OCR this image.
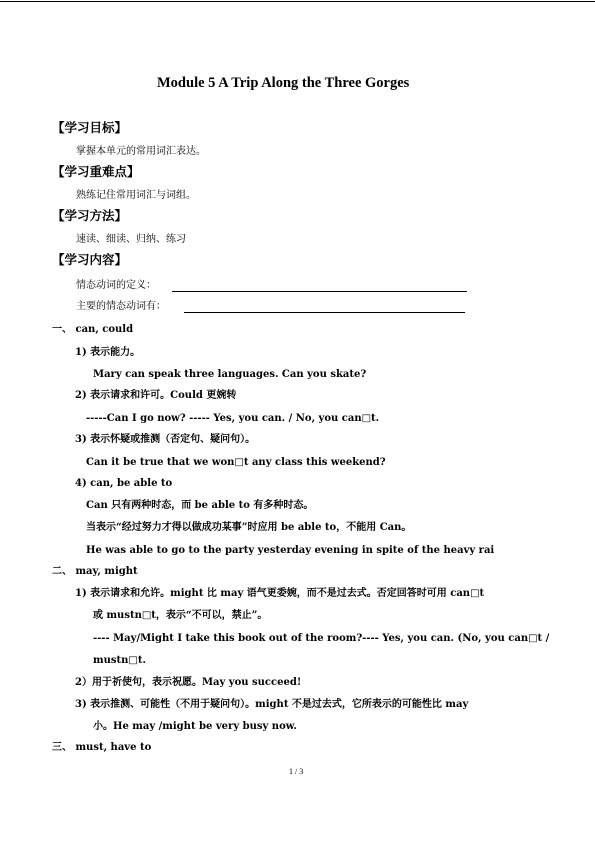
Module 5 A Trip Along the Three Gorges
【学习目标】
掌握本单元的常用词汇表达。
【学习重难点】
熟练记住常用词汇与词组。
【学习方法】
速读、细读、归纳、练习
【学习内容】
情态动词的定义：
主要的情态动词有：
一、 can, could
1) 表示能力。
Mary can speak three languages. Can you skate?
2) 表示请求和许可。Could 更婉转
-----Can I go now? ----- Yes, you can. / No, you can□t.
3) 表示怀疑或推测（否定句、疑问句）。
Can it be true that we won□t any class this weekend?
4) can, be able to
Can 只有两种时态，而 be able to 有多种时态。
当表示“经过努力才得以做成功某事”时应用 be able to，不能用 Can。
He was able to go to the party yesterday evening in spite of the heavy rai
二、 may, might
1) 表示请求和允许。might 比 may 语气更委婉，而不是过去式。否定回答时可用 can□t
或 mustn□t，表示“不可以，禁止”。
---- May/Might I take this book out of the room?---- Yes, you can. (No, you can□t /
mustn□t.
2）用于祈使句，表示祝愿。May you succeed!
3) 表示推测、可能性（不用于疑问句）。might 不是过去式，它所表示的可能性比 may
小。He may /might be very busy now.
三、 must, have to
1 / 3
